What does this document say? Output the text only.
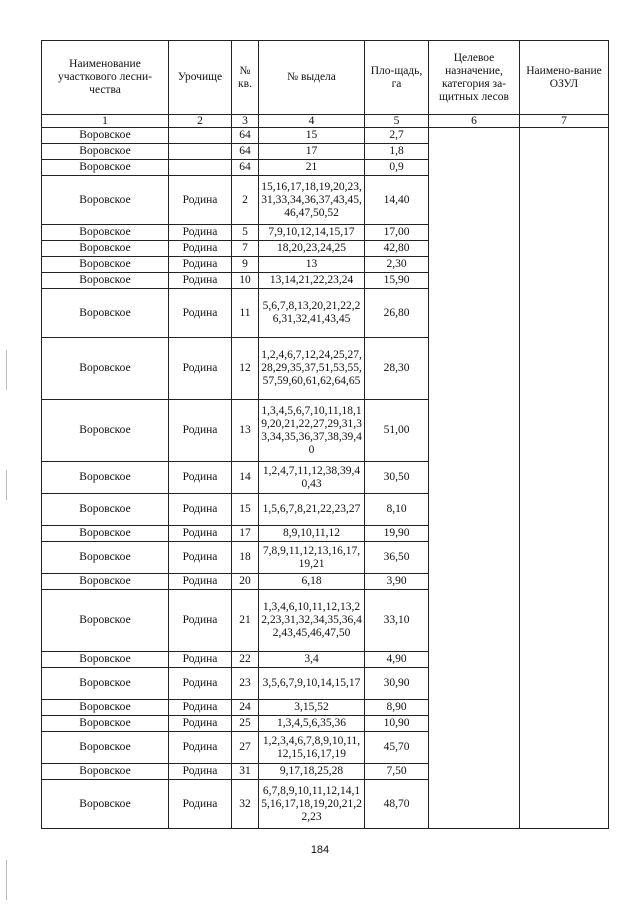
Наименование участкового лесни-чества	Урочище	№ кв.	№ выдела	Пло-щадь, га	Целевое назначение, категория за-щитных лесов	Наимено-вание ОЗУЛ
1	2	3	4	5	6	7
Воровское		64	15	2,7		
Воровское		64	17	1,8		
Воровское		64	21	0,9		
Воровское	Родина	2	15,16,17,18,19,20,23,31,33,34,36,37,43,45,46,47,50,52	14,40		
Воровское	Родина	5	7,9,10,12,14,15,17	17,00		
Воровское	Родина	7	18,20,23,24,25	42,80		
Воровское	Родина	9	13	2,30		
Воровское	Родина	10	13,14,21,22,23,24	15,90		
Воровское	Родина	11	5,6,7,8,13,20,21,22,26,31,32,41,43,45	26,80		
Воровское	Родина	12	1,2,4,6,7,12,24,25,27,28,29,35,37,51,53,55,57,59,60,61,62,64,65	28,30		
Воровское	Родина	13	1,3,4,5,6,7,10,11,18,19,20,21,22,27,29,31,33,34,35,36,37,38,39,40	51,00		
Воровское	Родина	14	1,2,4,7,11,12,38,39,40,43	30,50		
Воровское	Родина	15	1,5,6,7,8,21,22,23,27	8,10		
Воровское	Родина	17	8,9,10,11,12	19,90		
Воровское	Родина	18	7,8,9,11,12,13,16,17,19,21	36,50		
Воровское	Родина	20	6,18	3,90		
Воровское	Родина	21	1,3,4,6,10,11,12,13,22,23,31,32,34,35,36,42,43,45,46,47,50	33,10		
Воровское	Родина	22	3,4	4,90		
Воровское	Родина	23	3,5,6,7,9,10,14,15,17	30,90		
Воровское	Родина	24	3,15,52	8,90		
Воровское	Родина	25	1,3,4,5,6,35,36	10,90		
Воровское	Родина	27	1,2,3,4,6,7,8,9,10,11,12,15,16,17,19	45,70		
Воровское	Родина	31	9,17,18,25,28	7,50		
Воровское	Родина	32	6,7,8,9,10,11,12,14,15,16,17,18,19,20,21,22,23	48,70		
184
